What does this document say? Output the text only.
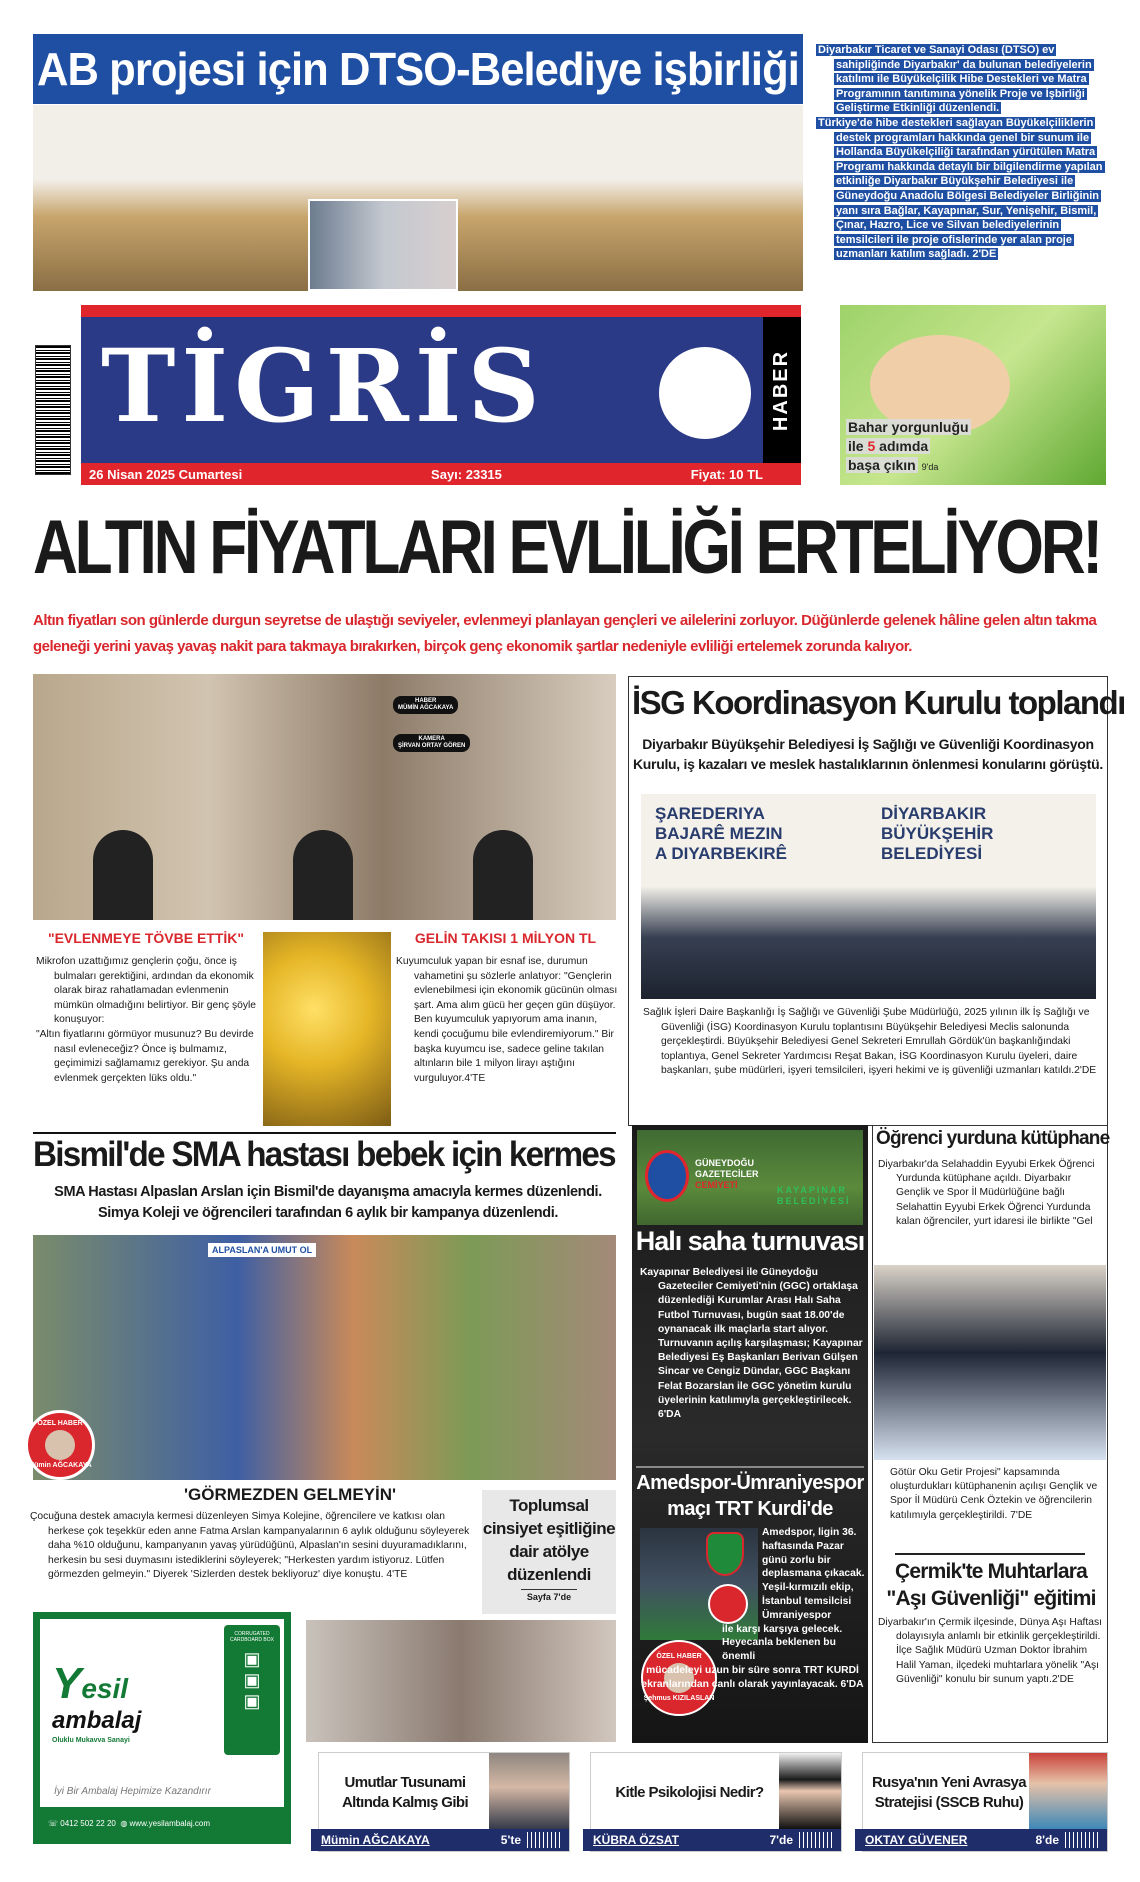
AB projesi için DTSO-Belediye işbirliği	Diyarbakır Ticaret ve Sanayi Odası (DTSO) ev sahipliğinde Diyarbakır' da bulunan belediyelerin katılımı ile Büyükelçilik Hibe Destekleri ve Matra Programının tanıtımına yönelik Proje ve İşbirliği Geliştirme Etkinliği düzenlendi.

Türkiye'de hibe destekleri sağlayan Büyükelçiliklerin destek programları hakkında genel bir sunum ile Hollanda Büyükelçiliği tarafından yürütülen Matra Programı hakkında detaylı bir bilgilendirme yapılan etkinliğe Diyarbakır Büyükşehir Belediyesi ile Güneydoğu Anadolu Bölgesi Belediyeler Birliğinin yanı sıra Bağlar, Kayapınar, Sur, Yenişehir, Bismil, Çınar, Hazro, Lice ve Silvan belediyelerinin temsilcileri ile proje ofislerinde yer alan proje uzmanları katılım sağladı. 2'DE

TİGRİS	HABER
26 Nisan 2025 Cumartesi	Sayı: 23315	Fiyat: 10 TL
Bahar yorgunluğu
ile 5 adımda
başa çıkın 9'da
ALTIN FİYATLARI EVLİLİĞİ ERTELİYOR!
Altın fiyatları son günlerde durgun seyretse de ulaştığı seviyeler, evlenmeyi planlayan gençleri ve ailelerini zorluyor. Düğünlerde gelenek hâline gelen altın takma geleneği yerini yavaş yavaş nakit para takmaya bırakırken, birçok genç ekonomik şartlar nedeniyle evliliği ertelemek zorunda kalıyor.
HABER
MÜMİN AĞCAKAYA
KAMERA
ŞİRVAN ORTAY GÖREN
"EVLENMEYE TÖVBE ETTİK"

Mikrofon uzattığımız gençlerin çoğu, önce iş bulmaları gerektiğini, ardından da ekonomik olarak biraz rahatlamadan evlenmenin mümkün olmadığını belirtiyor. Bir genç şöyle konuşuyor:

"Altın fiyatlarını görmüyor musunuz? Bu devirde nasıl evleneceğiz? Önce iş bulmamız, geçimimizi sağlamamız gerekiyor. Şu anda evlenmek gerçekten lüks oldu."

GELİN TAKISI 1 MİLYON TL

Kuyumculuk yapan bir esnaf ise, durumun vahametini şu sözlerle anlatıyor: "Gençlerin evlenebilmesi için ekonomik gücünün olması şart. Ama alım gücü her geçen gün düşüyor. Ben kuyumculuk yapıyorum ama inanın, kendi çocuğumu bile evlendiremiyorum." Bir başka kuyumcu ise, sadece geline takılan altınların bile 1 milyon lirayı aştığını vurguluyor.4'TE

İSG Koordinasyon Kurulu toplandı
Diyarbakır Büyükşehir Belediyesi İş Sağlığı ve Güvenliği Koordinasyon Kurulu, iş kazaları ve meslek hastalıklarının önlenmesi konularını görüştü.
ŞAREDERIYA
BAJARÊ MEZIN
A DIYARBEKIRÊ
DİYARBAKIR
BÜYÜKŞEHİR
BELEDİYESİ

Sağlık İşleri Daire Başkanlığı İş Sağlığı ve Güvenliği Şube Müdürlüğü, 2025 yılının ilk İş Sağlığı ve Güvenliği (İSG) Koordinasyon Kurulu toplantısını Büyükşehir Belediyesi Meclis salonunda gerçekleştirdi. Büyükşehir Belediyesi Genel Sekreteri Emrullah Gördük'ün başkanlığındaki toplantıya, Genel Sekreter Yardımcısı Reşat Bakan, İSG Koordinasyon Kurulu üyeleri, daire başkanları, şube müdürleri, işyeri temsilcileri, işyeri hekimi ve iş güvenliği uzmanları katıldı.2'DE

Bismil'de SMA hastası bebek için kermes
SMA Hastası Alpaslan Arslan için Bismil'de dayanışma amacıyla kermes düzenlendi. Simya Koleji ve öğrencileri tarafından 6 aylık bir kampanya düzenlendi.
ALPASLAN'A UMUT OL
ÖZEL HABER
Mümin AĞCAKAYA
'GÖRMEZDEN GELMEYİN'

Çocuğuna destek amacıyla kermesi düzenleyen Simya Kolejine, öğrencilere ve katkısı olan herkese çok teşekkür eden anne Fatma Arslan kampanyalarının 6 aylık olduğunu söyleyerek daha %10 olduğunu, kampanyanın yavaş yürüdüğünü, Alpaslan'ın sesini duyuramadıklarını, herkesin bu sesi duymasını istediklerini söyleyerek; "Herkesten yardım istiyoruz. Lütfen görmezden gelmeyin." Diyerek 'Sizlerden destek bekliyoruz' diye konuştu. 4'TE

Toplumsal cinsiyet eşitliğine dair atölye düzenlendi
Sayfa 7'de
Yesil
ambalaj
Oluklu Mukavva Sanayi
CORRUGATED CARDBOARD BOX
▣
▣
▣
İyi Bir Ambalaj Hepimize Kazandırır
☏ 0412 502 22 20 ◍ www.yesilambalaj.com
GÜNEYDOĞU
GAZETECİLER
CEMİYETİ	KAYAPINAR
BELEDİYESİ
Halı saha turnuvası

Kayapınar Belediyesi ile Güneydoğu Gazeteciler Cemiyeti'nin (GGC) ortaklaşa düzenlediği Kurumlar Arası Halı Saha Futbol Turnuvası, bugün saat 18.00'de oynanacak ilk maçlarla start alıyor. Turnuvanın açılış karşılaşması; Kayapınar Belediyesi Eş Başkanları Berivan Gülşen Sincar ve Cengiz Dündar, GGC Başkanı Felat Bozarslan ile GGC yönetim kurulu üyelerinin katılımıyla gerçekleştirilecek. 6'DA

Amedspor-Ümraniyespor maçı TRT Kurdi'de
ÖZEL HABER
Şehmus KIZILASLAN
Amedspor, ligin 36. haftasında Pazar günü zorlu bir deplasmana çıkacak. Yeşil-kırmızılı ekip, İstanbul temsilcisi Ümraniyespor
ile karşı karşıya gelecek. Heyecanla beklenen bu önemli
mücadeleyi uzun bir süre sonra TRT KURDİ ekranlarından canlı olarak yayınlayacak. 6'DA
Öğrenci yurduna kütüphane

Diyarbakır'da Selahaddin Eyyubi Erkek Öğrenci Yurdunda kütüphane açıldı. Diyarbakır Gençlik ve Spor İl Müdürlüğüne bağlı Selahattin Eyyubi Erkek Öğrenci Yurdunda kalan öğrenciler, yurt idaresi ile birlikte "Gel

Götür Oku Getir Projesi" kapsamında oluşturdukları kütüphanenin açılışı Gençlik ve Spor İl Müdürü Cenk Öztekin ve öğrencilerin katılımıyla gerçekleştirildi. 7'DE
Çermik'te Muhtarlara "Aşı Güvenliği" eğitimi

Diyarbakır'ın Çermik ilçesinde, Dünya Aşı Haftası dolayısıyla anlamlı bir etkinlik gerçekleştirildi. İlçe Sağlık Müdürü Uzman Doktor İbrahim Halil Yaman, ilçedeki muhtarlara yönelik "Aşı Güvenliği" konulu bir sunum yaptı.2'DE

Umutlar Tusunami Altında Kalmış Gibi
Mümin AĞCAKAYA	5'te
Kitle Psikolojisi Nedir?
KÜBRA ÖZSAT	7'de
Rusya'nın Yeni Avrasya Stratejisi (SSCB Ruhu)
OKTAY GÜVENER	8'de
